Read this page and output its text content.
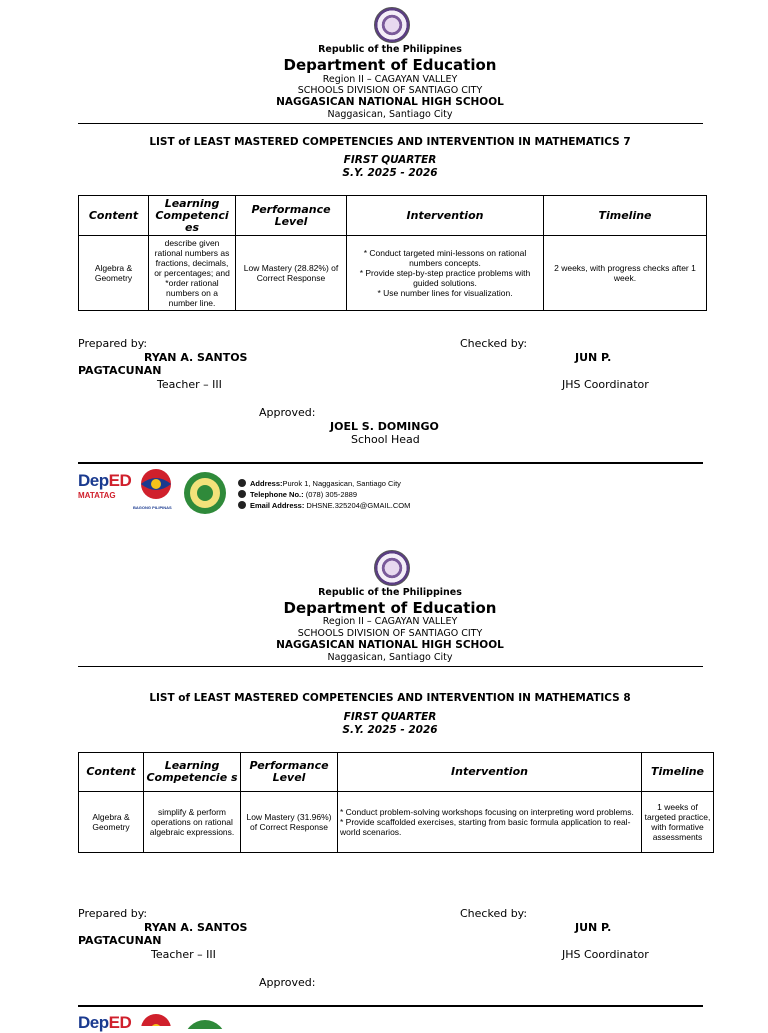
Republic of the Philippines
Department of Education
Region II – CAGAYAN VALLEY
SCHOOLS DIVISION OF SANTIAGO CITY
NAGGASICAN NATIONAL HIGH SCHOOL
Naggasican, Santiago City
LIST of LEAST MASTERED COMPETENCIES AND INTERVENTION IN MATHEMATICS 7
FIRST QUARTER
S.Y. 2025 - 2026
Content	Learning Competenci es	Performance Level	Intervention	Timeline
Algebra & Geometry	describe given rational numbers as fractions, decimals, or percentages; and *order rational numbers on a number line.	Low Mastery (28.82%) of Correct Response	* Conduct targeted mini-lessons on rational numbers concepts.
* Provide step-by-step practice problems with guided solutions.
* Use number lines for visualization.	2 weeks, with progress checks after 1 week.
Prepared by:
RYAN A. SANTOS
PAGTACUNAN
Teacher – III
Checked by:
JUN P.
JHS Coordinator
Approved:
JOEL S. DOMINGO
School Head
DepED
MATATAG
BAGONG PILIPINAS
Address:Purok 1, Naggasican, Santiago City
Telephone No.: (078) 305-2889
Email Address: DHSNE.325204@GMAIL.COM
Republic of the Philippines
Department of Education
Region II – CAGAYAN VALLEY
SCHOOLS DIVISION OF SANTIAGO CITY
NAGGASICAN NATIONAL HIGH SCHOOL
Naggasican, Santiago City
LIST of LEAST MASTERED COMPETENCIES AND INTERVENTION IN MATHEMATICS 8
FIRST QUARTER
S.Y. 2025 - 2026
Content	Learning Competencie s	Performance Level	Intervention	Timeline
Algebra & Geometry	simplify & perform operations on rational algebraic expressions.	Low Mastery (31.96%) of Correct Response	* Conduct problem-solving workshops focusing on interpreting word problems.
* Provide scaffolded exercises, starting from basic formula application to real-world scenarios.	1 weeks of targeted practice, with formative assessments
Prepared by:
RYAN A. SANTOS
PAGTACUNAN
Teacher – III
Checked by:
JUN P.
JHS Coordinator
Approved:
DepED
